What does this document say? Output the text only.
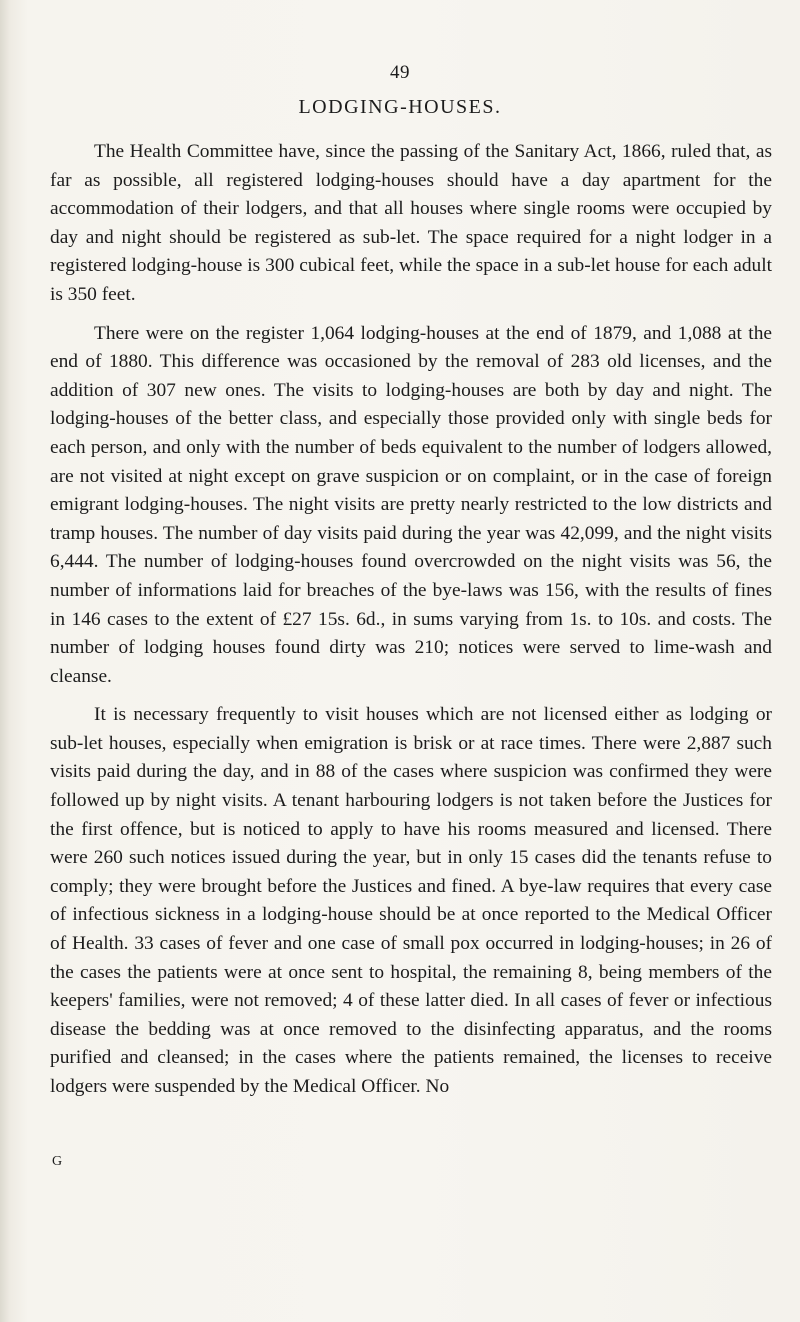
49
LODGING-HOUSES.

The Health Committee have, since the passing of the Sanitary Act, 1866, ruled that, as far as possible, all registered lodging-houses should have a day apartment for the accommodation of their lodgers, and that all houses where single rooms were occupied by day and night should be registered as sub-let. The space required for a night lodger in a registered lodging-house is 300 cubical feet, while the space in a sub-let house for each adult is 350 feet.

There were on the register 1,064 lodging-houses at the end of 1879, and 1,088 at the end of 1880. This difference was occasioned by the removal of 283 old licenses, and the addition of 307 new ones. The visits to lodging-houses are both by day and night. The lodging-houses of the better class, and especially those provided only with single beds for each person, and only with the number of beds equivalent to the number of lodgers allowed, are not visited at night except on grave suspicion or on complaint, or in the case of foreign emigrant lodging-houses. The night visits are pretty nearly restricted to the low districts and tramp houses. The number of day visits paid during the year was 42,099, and the night visits 6,444. The number of lodging-houses found overcrowded on the night visits was 56, the number of informations laid for breaches of the bye-laws was 156, with the results of fines in 146 cases to the extent of £27 15s. 6d., in sums varying from 1s. to 10s. and costs. The number of lodging houses found dirty was 210; notices were served to lime-wash and cleanse.

It is necessary frequently to visit houses which are not licensed either as lodging or sub-let houses, especially when emigration is brisk or at race times. There were 2,887 such visits paid during the day, and in 88 of the cases where suspicion was confirmed they were followed up by night visits. A tenant harbouring lodgers is not taken before the Justices for the first offence, but is noticed to apply to have his rooms measured and licensed. There were 260 such notices issued during the year, but in only 15 cases did the tenants refuse to comply; they were brought before the Justices and fined. A bye-law requires that every case of infectious sickness in a lodging-house should be at once reported to the Medical Officer of Health. 33 cases of fever and one case of small pox occurred in lodging-houses; in 26 of the cases the patients were at once sent to hospital, the remaining 8, being members of the keepers' families, were not removed; 4 of these latter died. In all cases of fever or infectious disease the bedding was at once removed to the disinfecting apparatus, and the rooms purified and cleansed; in the cases where the patients remained, the licenses to receive lodgers were suspended by the Medical Officer. No

G
